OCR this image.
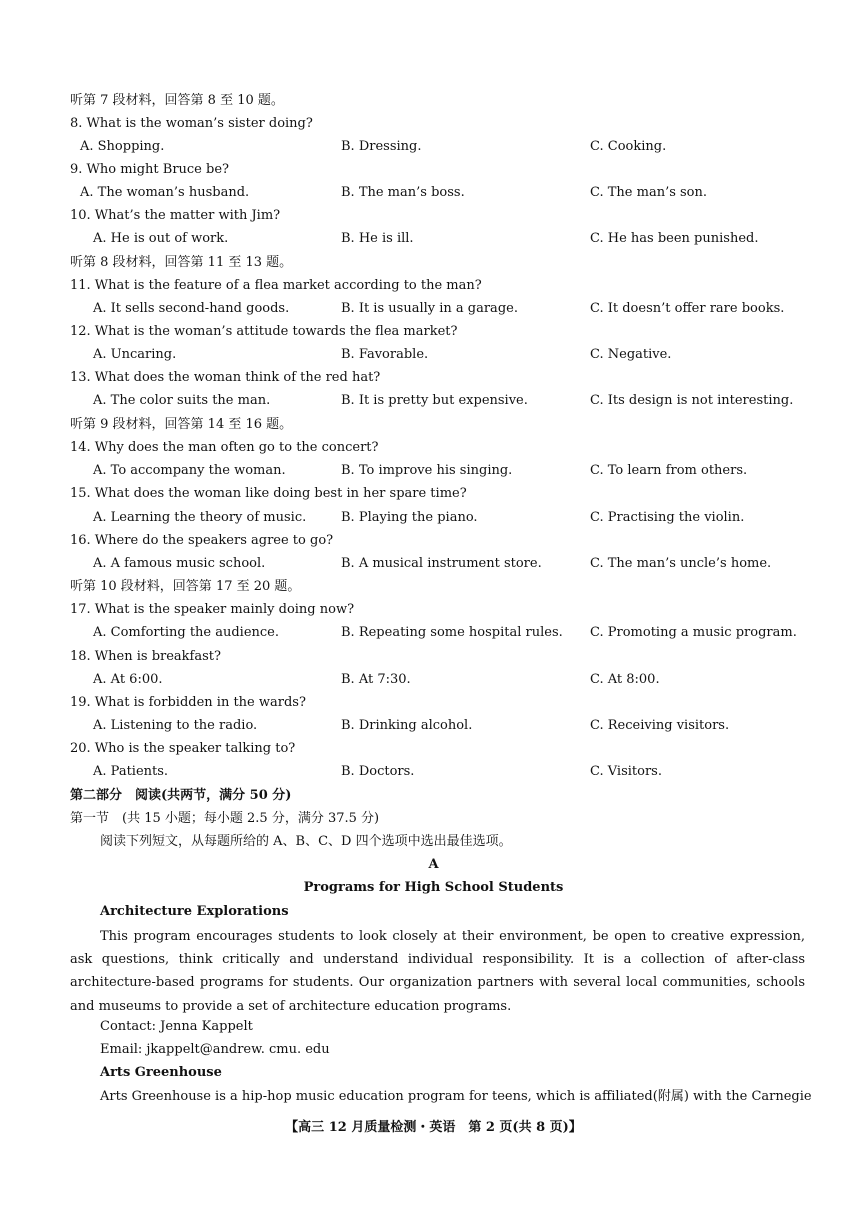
听第 7 段材料，回答第 8 至 10 题。
8. What is the woman’s sister doing?
A. Shopping.	B. Dressing.	C. Cooking.
9. Who might Bruce be?
A. The woman’s husband.	B. The man’s boss.	C. The man’s son.
10. What’s the matter with Jim?
A. He is out of work.	B. He is ill.	C. He has been punished.
听第 8 段材料，回答第 11 至 13 题。
11. What is the feature of a flea market according to the man?
A. It sells second-hand goods.	B. It is usually in a garage.	C. It doesn’t offer rare books.
12. What is the woman’s attitude towards the flea market?
A. Uncaring.	B. Favorable.	C. Negative.
13. What does the woman think of the red hat?
A. The color suits the man.	B. It is pretty but expensive.	C. Its design is not interesting.
听第 9 段材料，回答第 14 至 16 题。
14. Why does the man often go to the concert?
A. To accompany the woman.	B. To improve his singing.	C. To learn from others.
15. What does the woman like doing best in her spare time?
A. Learning the theory of music.	B. Playing the piano.	C. Practising the violin.
16. Where do the speakers agree to go?
A. A famous music school.	B. A musical instrument store.	C. The man’s uncle’s home.
听第 10 段材料，回答第 17 至 20 题。
17. What is the speaker mainly doing now?
A. Comforting the audience.	B. Repeating some hospital rules. C. Promoting a music program.
18. When is breakfast?
A. At 6:00.	B. At 7:30.	C. At 8:00.
19. What is forbidden in the wards?
A. Listening to the radio.	B. Drinking alcohol.	C. Receiving visitors.
20. Who is the speaker talking to?
A. Patients.	B. Doctors.	C. Visitors.
第二部分　阅读(共两节，满分 50 分)
第一节　(共 15 小题；每小题 2.5 分，满分 37.5 分)
阅读下列短文，从每题所给的 A、B、C、D 四个选项中选出最佳选项。
A
Programs for High School Students
Architecture Explorations
This program encourages students to look closely at their environment, be open to creative expression, ask questions, think critically and understand individual responsibility. It is a collection of after-class architecture-based programs for students. Our organization partners with several local communities, schools and museums to provide a set of architecture education programs.
Contact: Jenna Kappelt
Email: jkappelt@andrew. cmu. edu
Arts Greenhouse
Arts Greenhouse is a hip-hop music education program for teens, which is affiliated(附属) with the Carnegie
【高三 12 月质量检测・英语　第 2 页(共 8 页)】
